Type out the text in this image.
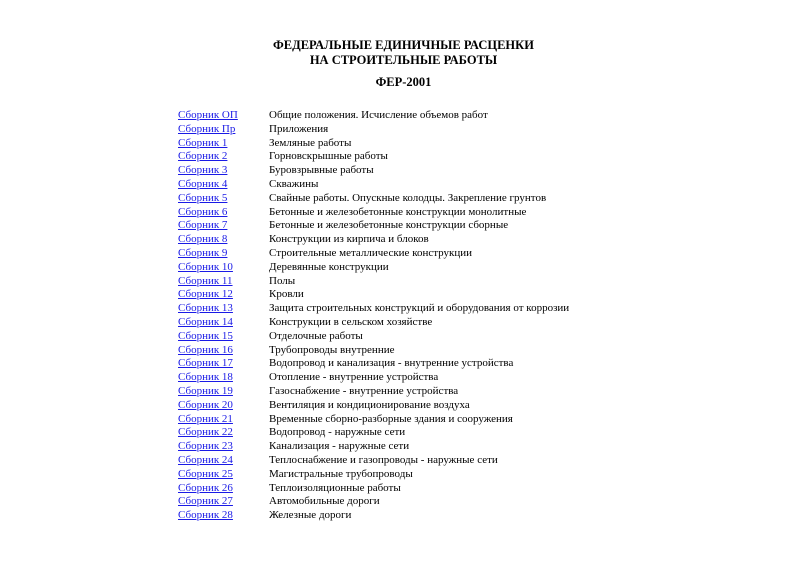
ФЕДЕРАЛЬНЫЕ ЕДИНИЧНЫЕ РАСЦЕНКИ
НА СТРОИТЕЛЬНЫЕ РАБОТЫ
ФЕР-2001
Сборник ОП	Общие положения. Исчисление объемов работ
Сборник Пр	Приложения
Сборник 1	Земляные работы
Сборник 2	Горновскрышные работы
Сборник 3	Буровзрывные работы
Сборник 4	Скважины
Сборник 5	Свайные работы. Опускные колодцы. Закрепление грунтов
Сборник 6	Бетонные и железобетонные конструкции монолитные
Сборник 7	Бетонные и железобетонные конструкции сборные
Сборник 8	Конструкции из кирпича и блоков
Сборник 9	Строительные металлические конструкции
Сборник 10	Деревянные конструкции
Сборник 11	Полы
Сборник 12	Кровли
Сборник 13	Защита строительных конструкций и оборудования от коррозии
Сборник 14	Конструкции в сельском хозяйстве
Сборник 15	Отделочные работы
Сборник 16	Трубопроводы внутренние
Сборник 17	Водопровод и канализация - внутренние устройства
Сборник 18	Отопление - внутренние устройства
Сборник 19	Газоснабжение - внутренние устройства
Сборник 20	Вентиляция и кондиционирование воздуха
Сборник 21	Временные сборно-разборные здания и сооружения
Сборник 22	Водопровод - наружные сети
Сборник 23	Канализация - наружные сети
Сборник 24	Теплоснабжение и газопроводы - наружные сети
Сборник 25	Магистральные трубопроводы
Сборник 26	Теплоизоляционные работы
Сборник 27	Автомобильные дороги
Сборник 28	Железные дороги
